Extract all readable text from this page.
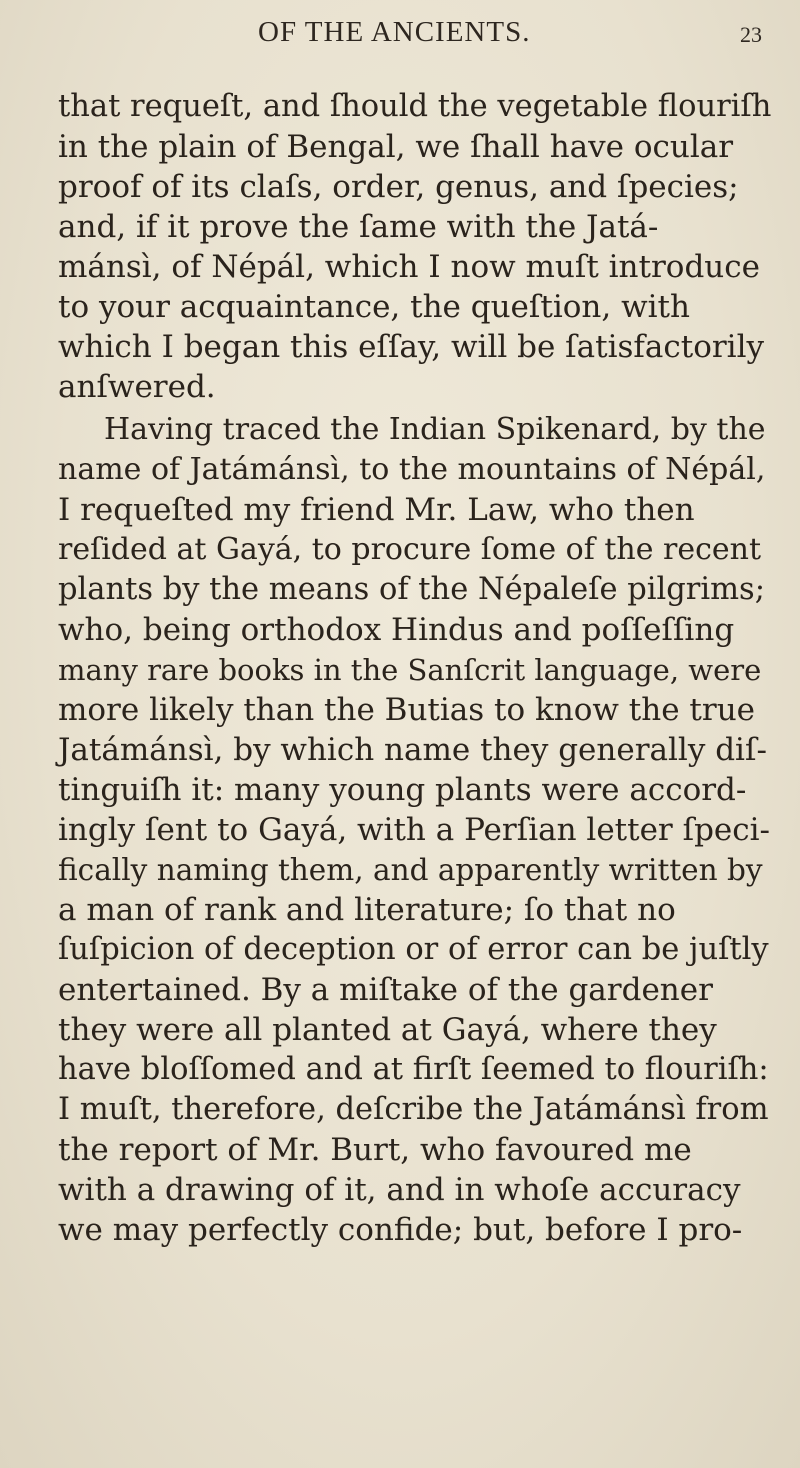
OF THE ANCIENTS.	23
that requeſt, and ſhould the vegetable flouriſh
in the plain of Bengal, we ſhall have ocular
proof of its claſs, order, genus, and ſpecies;
and, if it prove the ſame with the Jatá-
mánsì, of Népál, which I now muſt introduce
to your acquaintance, the queſtion, with
which I began this eſſay, will be ſatisfactorily
anſwered.
Having traced the Indian Spikenard, by the
name of Jatámánsì, to the mountains of Népál,
I requeſted my friend Mr. Law, who then
reſided at Gayá, to procure ſome of the recent
plants by the means of the Népaleſe pilgrims;
who, being orthodox Hindus and poſſeſſing
many rare books in the Sanſcrit language, were
more likely than the Butias to know the true
Jatámánsì, by which name they generally diſ-
tinguiſh it: many young plants were accord-
ingly ſent to Gayá, with a Perſian letter ſpeci-
fically naming them, and apparently written by
a man of rank and literature; ſo that no
ſuſpicion of deception or of error can be juſtly
entertained. By a miſtake of the gardener
they were all planted at Gayá, where they
have bloſſomed and at firſt ſeemed to flouriſh:
I muſt, therefore, deſcribe the Jatámánsì from
the report of Mr. Burt, who favoured me
with a drawing of it, and in whoſe accuracy
we may perfectly confide; but, before I pro-
